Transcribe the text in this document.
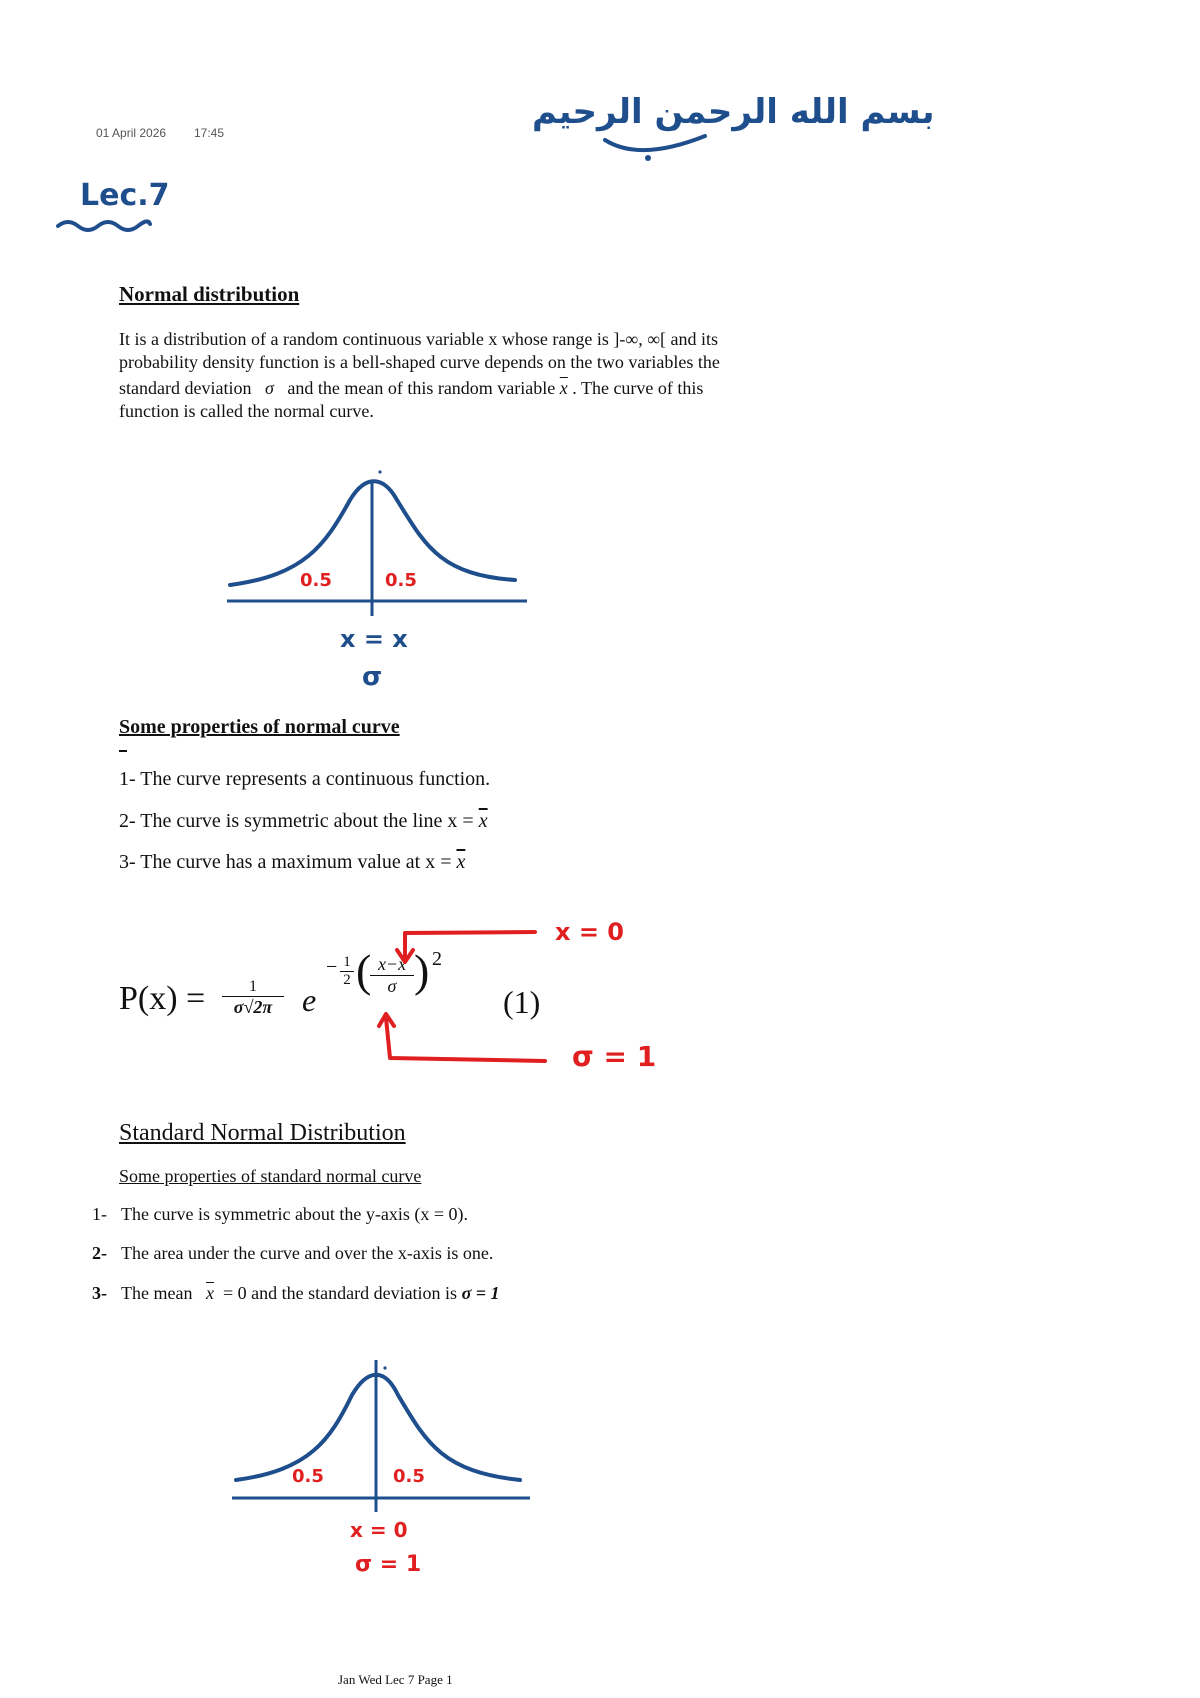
01 April 2026 17:45
بسم الله الرحمن الرحيم
Lec.7
Normal distribution
It is a distribution of a random continuous variable x whose range is ]-∞, ∞[ and its
probability density function is a bell-shaped curve depends on the two variables the
standard deviation σ and the mean of this random variable $\overline{x}$ . The curve of this
function is called the normal curve.
0.5	0.5
x = x
σ
Some properties of normal curve
1- The curve represents a continuous function.
2- The curve is symmetric about the line $x = \overline{x}$
3- The curve has a maximum value at $x = \overline{x}$
P(x) =	1
σ√2π e
− 1
2 ( x−x
σ ) 2
(1)
x = 0
σ = 1
Standard Normal Distribution
Some properties of standard normal curve
1- The curve is symmetric about the y-axis (x = 0).
2- The area under the curve and over the x-axis is one.
3- The mean $\overline{x} = 0$ and the standard deviation is σ = 1
0.5	0.5
x = 0
σ = 1
Jan Wed Lec 7 Page 1
